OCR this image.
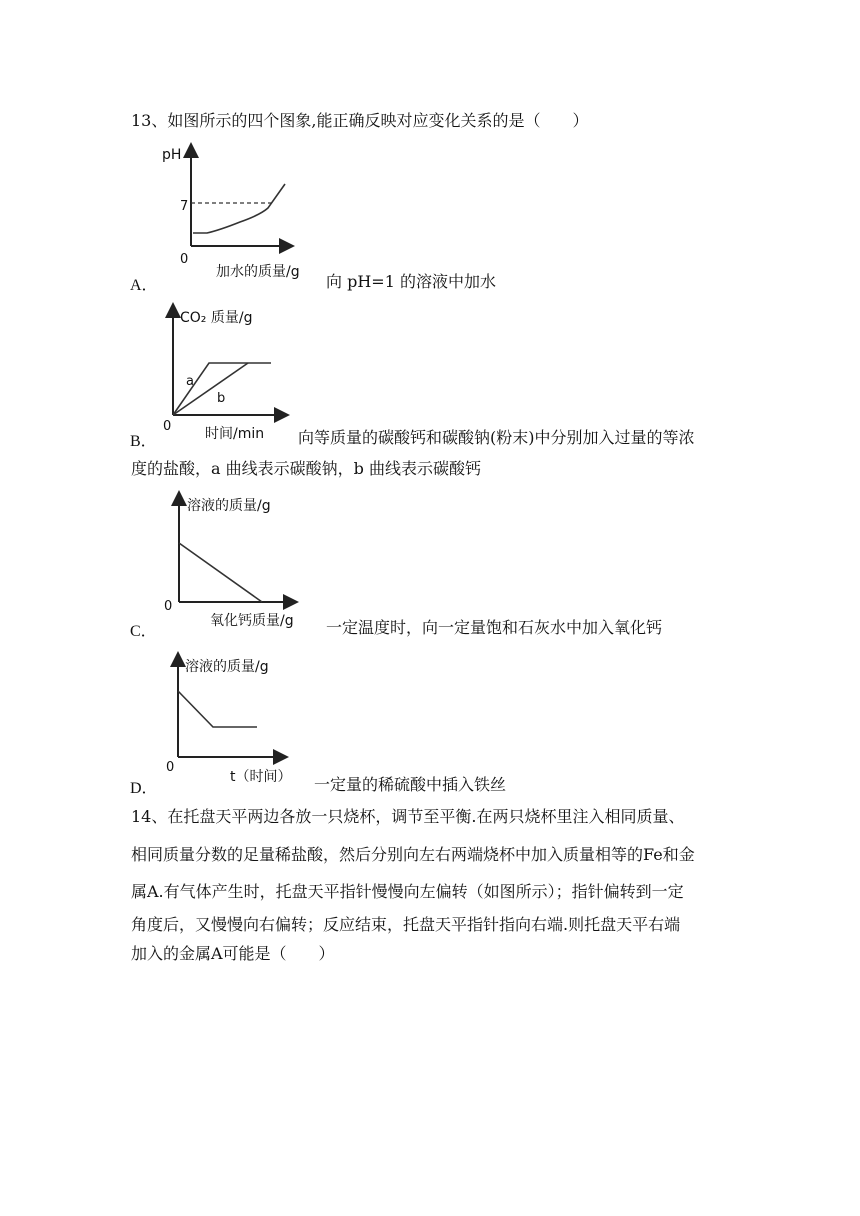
13、如图所示的四个图象,能正确反映对应变化关系的是（　　）
pH
0
7
加水的质量/g
A．	向 pH=1 的溶液中加水
CO₂ 质量/g
0
a
b
时间/min
B．	向等质量的碳酸钙和碳酸钠(粉末)中分别加入过量的等浓
度的盐酸，a 曲线表示碳酸钠，b 曲线表示碳酸钙
溶液的质量/g
0
氧化钙质量/g
C．	一定温度时，向一定量饱和石灰水中加入氧化钙
溶液的质量/g
0
t（时间）
D．	一定量的稀硫酸中插入铁丝
14、在托盘天平两边各放一只烧杯，调节至平衡.在两只烧杯里注入相同质量、
相同质量分数的足量稀盐酸，然后分别向左右两端烧杯中加入质量相等的Fe和金
属A.有气体产生时，托盘天平指针慢慢向左偏转（如图所示）；指针偏转到一定
角度后，又慢慢向右偏转；反应结束，托盘天平指针指向右端.则托盘天平右端
加入的金属A可能是（　　）
